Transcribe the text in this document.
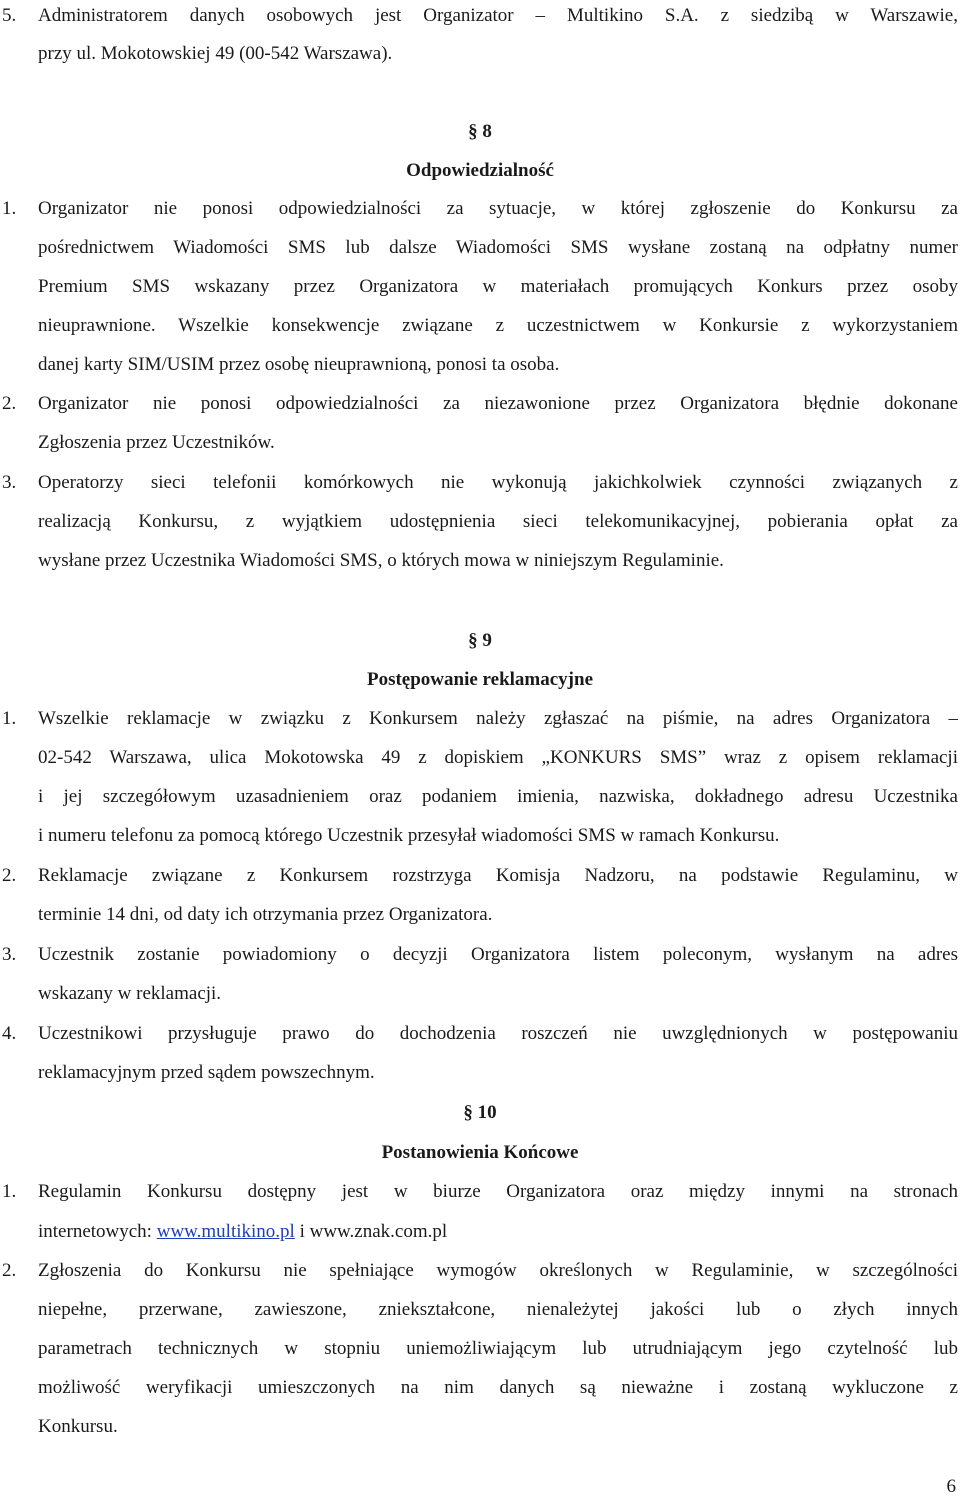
5. Administratorem danych osobowych jest Organizator – Multikino S.A. z siedzibą w Warszawie,
przy ul. Mokotowskiej 49 (00-542 Warszawa).
§ 8
Odpowiedzialność
1. Organizator nie ponosi odpowiedzialności za sytuacje, w której zgłoszenie do Konkursu za
pośrednictwem Wiadomości SMS lub dalsze Wiadomości SMS wysłane zostaną na odpłatny numer
Premium SMS wskazany przez Organizatora w materiałach promujących Konkurs przez osoby
nieuprawnione. Wszelkie konsekwencje związane z uczestnictwem w Konkursie z wykorzystaniem
danej karty SIM/USIM przez osobę nieuprawnioną, ponosi ta osoba.
2. Organizator nie ponosi odpowiedzialności za niezawonione przez Organizatora błędnie dokonane
Zgłoszenia przez Uczestników.
3. Operatorzy sieci telefonii komórkowych nie wykonują jakichkolwiek czynności związanych z
realizacją Konkursu, z wyjątkiem udostępnienia sieci telekomunikacyjnej, pobierania opłat za
wysłane przez Uczestnika Wiadomości SMS, o których mowa w niniejszym Regulaminie.
§ 9
Postępowanie reklamacyjne
1. Wszelkie reklamacje w związku z Konkursem należy zgłaszać na piśmie, na adres Organizatora –
02-542 Warszawa, ulica Mokotowska 49 z dopiskiem „KONKURS SMS” wraz z opisem reklamacji
i jej szczegółowym uzasadnieniem oraz podaniem imienia, nazwiska, dokładnego adresu Uczestnika
i numeru telefonu za pomocą którego Uczestnik przesyłał wiadomości SMS w ramach Konkursu.
2. Reklamacje związane z Konkursem rozstrzyga Komisja Nadzoru, na podstawie Regulaminu, w
terminie 14 dni, od daty ich otrzymania przez Organizatora.
3. Uczestnik zostanie powiadomiony o decyzji Organizatora listem poleconym, wysłanym na adres
wskazany w reklamacji.
4. Uczestnikowi przysługuje prawo do dochodzenia roszczeń nie uwzględnionych w postępowaniu
reklamacyjnym przed sądem powszechnym.
§ 10
Postanowienia Końcowe
1. Regulamin Konkursu dostępny jest w biurze Organizatora oraz między innymi na stronach
internetowych: www.multikino.pl i www.znak.com.pl
2. Zgłoszenia do Konkursu nie spełniające wymogów określonych w Regulaminie, w szczególności
niepełne, przerwane, zawieszone, zniekształcone, nienależytej jakości lub o złych innych
parametrach technicznych w stopniu uniemożliwiającym lub utrudniającym jego czytelność lub
możliwość weryfikacji umieszczonych na nim danych są nieważne i zostaną wykluczone z
Konkursu.
6
